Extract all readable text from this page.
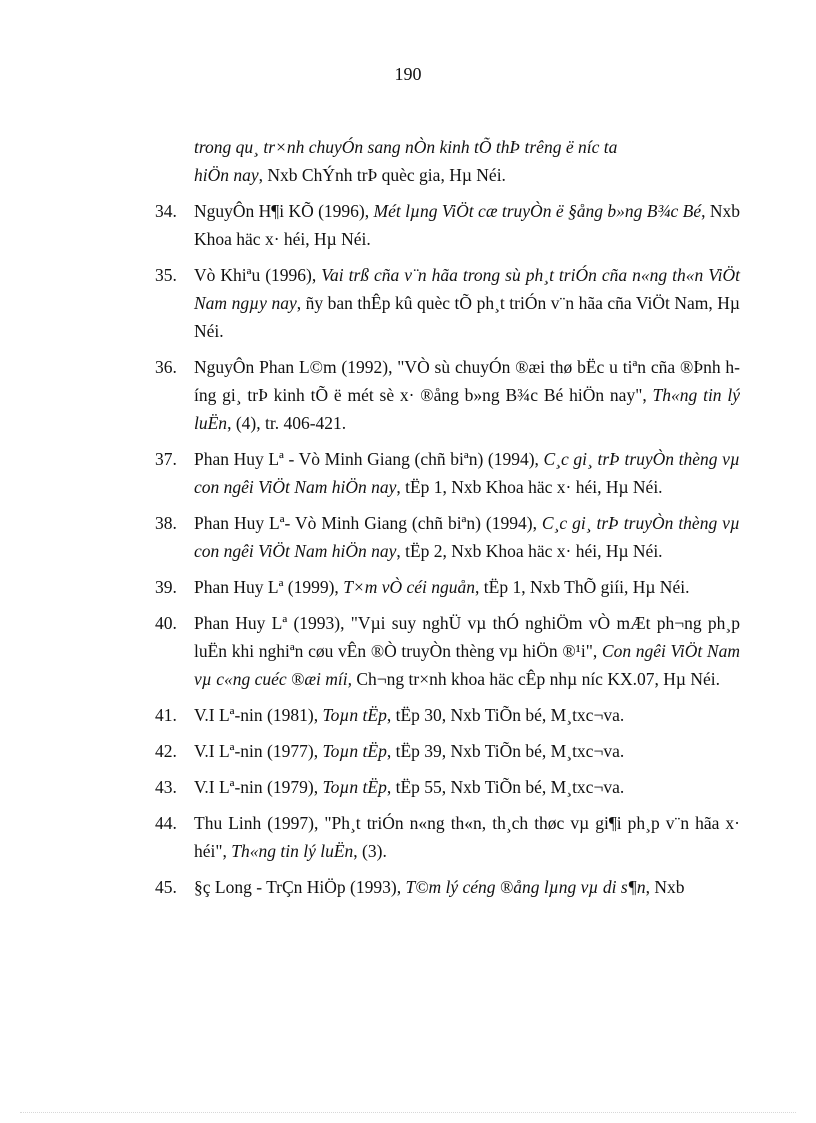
190
trong qu¸ tr×nh chuyÓn sang nÒn kinh tÕ thÞ trêng ë níc ta
hiÖn nay, Nxb ChÝnh trÞ quèc gia, Hµ Néi.
34. NguyÔn H¶i KÕ (1996), Mét lµng ViÖt cæ truyÒn ë §ång b»ng B¾c Bé, Nxb Khoa häc x· héi, Hµ Néi.
35. Vò Khiªu (1996), Vai trß cña v¨n hãa trong sù ph¸t triÓn cña n«ng th«n ViÖt Nam ngµy nay, ñy ban thÊp kû quèc tÕ ph¸t triÓn v¨n hãa cña ViÖt Nam, Hµ Néi.
36. NguyÔn Phan L©m (1992), "VÒ sù chuyÓn ®æi thø bËc u tiªn cña ®Þnh híng gi¸ trÞ kinh tÕ ë mét sè x· ®ång b»ng B¾c Bé hiÖn nay", Th«ng tin lý luËn, (4), tr. 406-421.
37. Phan Huy Lª - Vò Minh Giang (chñ biªn) (1994), C¸c gi¸ trÞ truyÒn thèng vµ con ngêi ViÖt Nam hiÖn nay, tËp 1, Nxb Khoa häc x· héi, Hµ Néi.
38. Phan Huy Lª- Vò Minh Giang (chñ biªn) (1994), C¸c gi¸ trÞ truyÒn thèng vµ con ngêi ViÖt Nam hiÖn nay, tËp 2, Nxb Khoa häc x· héi, Hµ Néi.
39. Phan Huy Lª (1999), T×m vÒ céi nguån, tËp 1, Nxb ThÕ giíi, Hµ Néi.
40. Phan Huy Lª (1993), "Vµi suy nghÜ vµ thÓ nghiÖm vÒ mÆt ph¬ng ph¸p luËn khi nghiªn cøu vÊn ®Ò truyÒn thèng vµ hiÖn ®¹i", Con ngêi ViÖt Nam vµ c«ng cuéc ®æi míi, Ch¬ng tr×nh khoa häc cÊp nhµ níc KX.07, Hµ Néi.
41. V.I Lª-nin (1981), Toµn tËp, tËp 30, Nxb TiÕn bé, M¸txc¬va.
42. V.I Lª-nin (1977), Toµn tËp, tËp 39, Nxb TiÕn bé, M¸txc¬va.
43. V.I Lª-nin (1979), Toµn tËp, tËp 55, Nxb TiÕn bé, M¸txc¬va.
44. Thu Linh (1997), "Ph¸t triÓn n«ng th«n, th¸ch thøc vµ gi¶i ph¸p v¨n hãa x· héi", Th«ng tin lý luËn, (3).
45. §ç Long - TrÇn HiÖp (1993), T©m lý céng ®ång lµng vµ di s¶n, Nxb
